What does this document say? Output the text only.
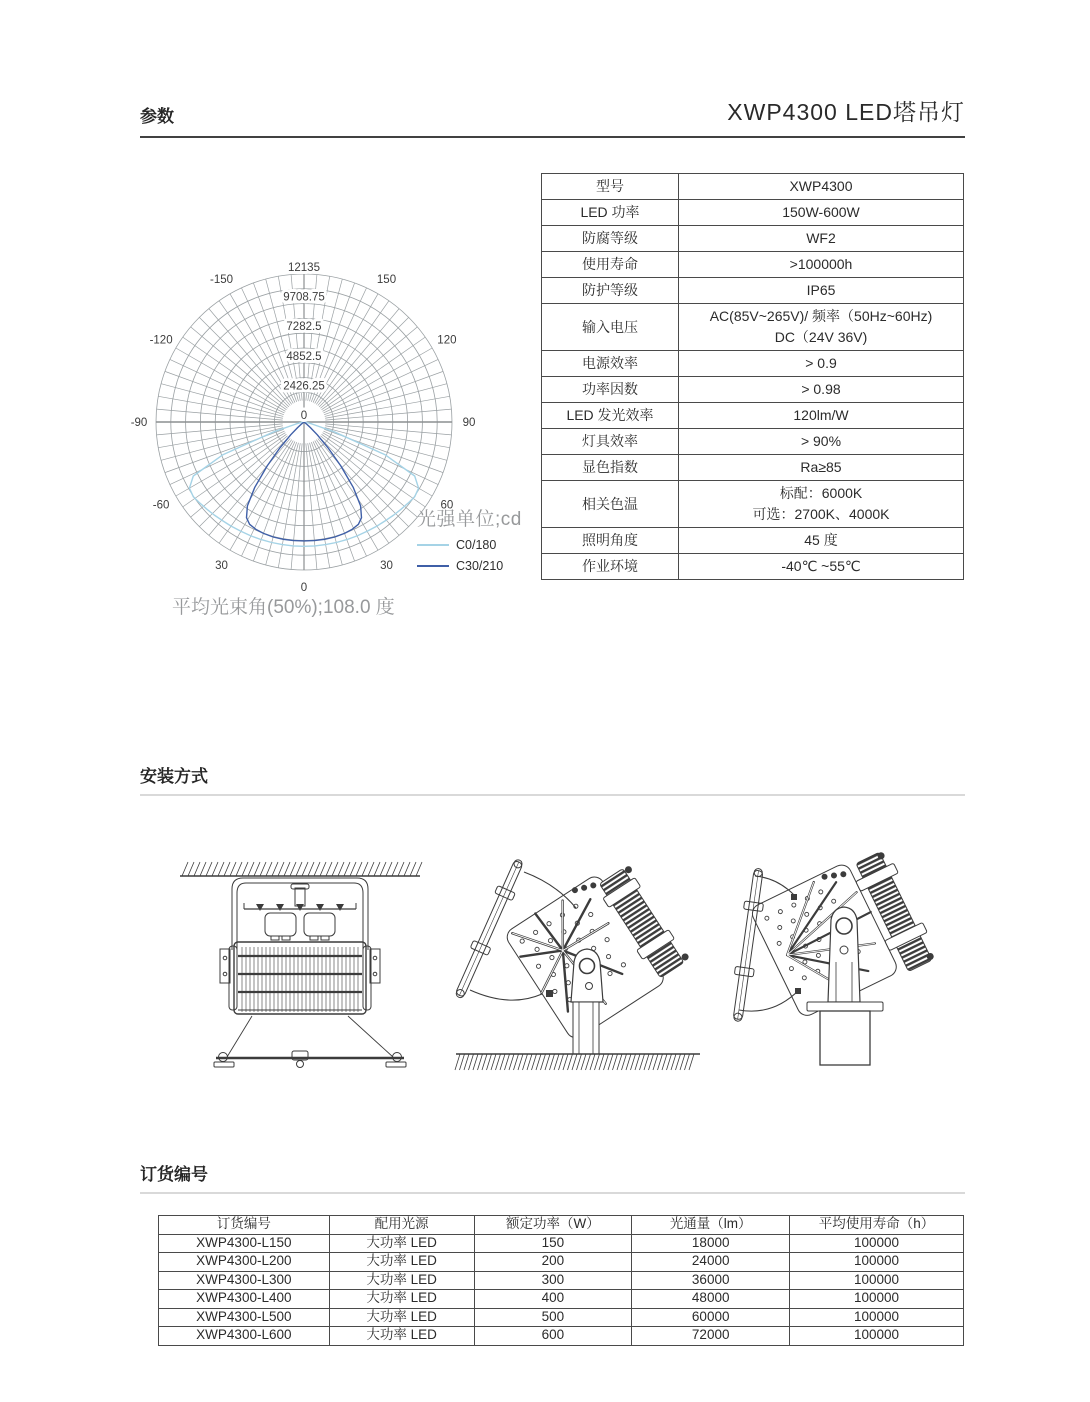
参数	XWP4300 LED塔吊灯
0
30
30
60
-60
90
-90
120
-120
150
-150
0
2426.25
4852.5
7282.5
9708.75
12135
光强单位;cd
C0/180
C30/210
平均光束角(50%);108.0 度
型号	XWP4300
LED 功率	150W-600W
防腐等级	WF2
使用寿命	>100000h
防护等级	IP65
输入电压	AC(85V~265V)/ 频率（50Hz~60Hz)
DC（24V 36V)
电源效率	> 0.9
功率因数	> 0.98
LED 发光效率	120lm/W
灯具效率	> 90%
显色指数	Ra≥85
相关色温	标配：6000K
可选：2700K、4000K
照明角度	45 度
作业环境	-40℃ ~55℃
安装方式
订货编号
订货编号	配用光源	额定功率（W）	光通量（lm）	平均使用寿命（h）
XWP4300-L150	大功率 LED	150	18000	100000
XWP4300-L200	大功率 LED	200	24000	100000
XWP4300-L300	大功率 LED	300	36000	100000
XWP4300-L400	大功率 LED	400	48000	100000
XWP4300-L500	大功率 LED	500	60000	100000
XWP4300-L600	大功率 LED	600	72000	100000
